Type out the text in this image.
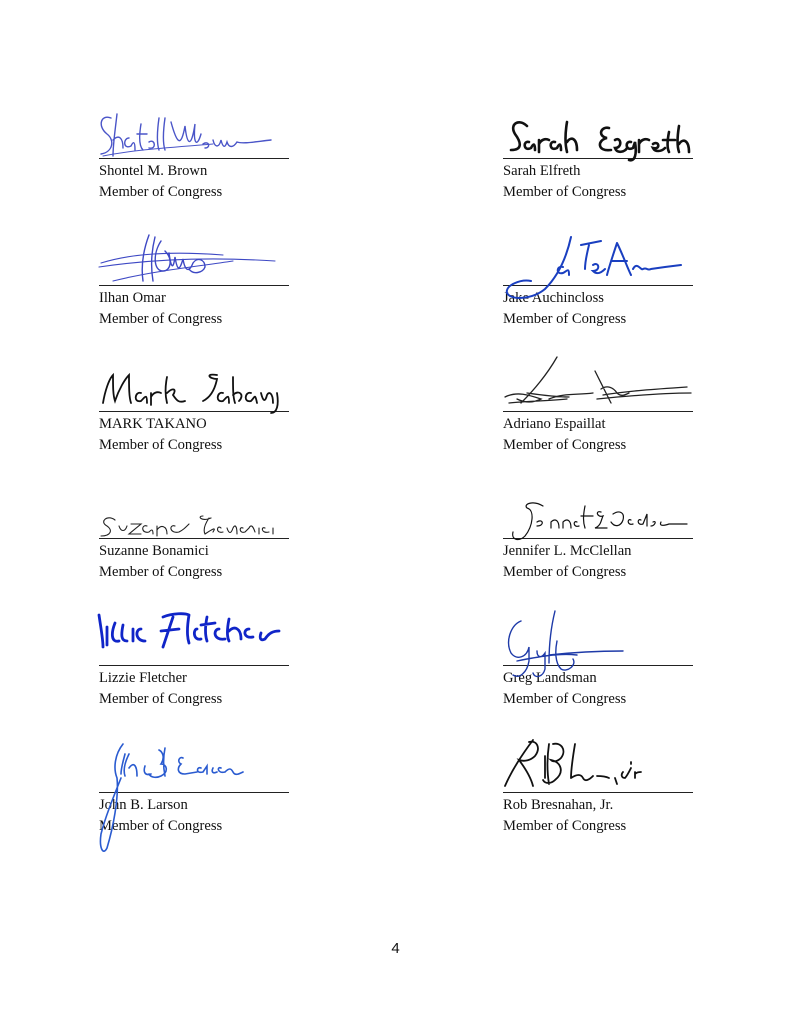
Shontel M. Brown
Member of Congress
Sarah Elfreth
Member of Congress
Ilhan Omar
Member of Congress
Jake Auchincloss
Member of Congress
MARK TAKANO
Member of Congress
Adriano Espaillat
Member of Congress
Suzanne Bonamici
Member of Congress
Jennifer L. McClellan
Member of Congress
Lizzie Fletcher
Member of Congress
Greg Landsman
Member of Congress
John B. Larson
Member of Congress
Rob Bresnahan, Jr.
Member of Congress
4
